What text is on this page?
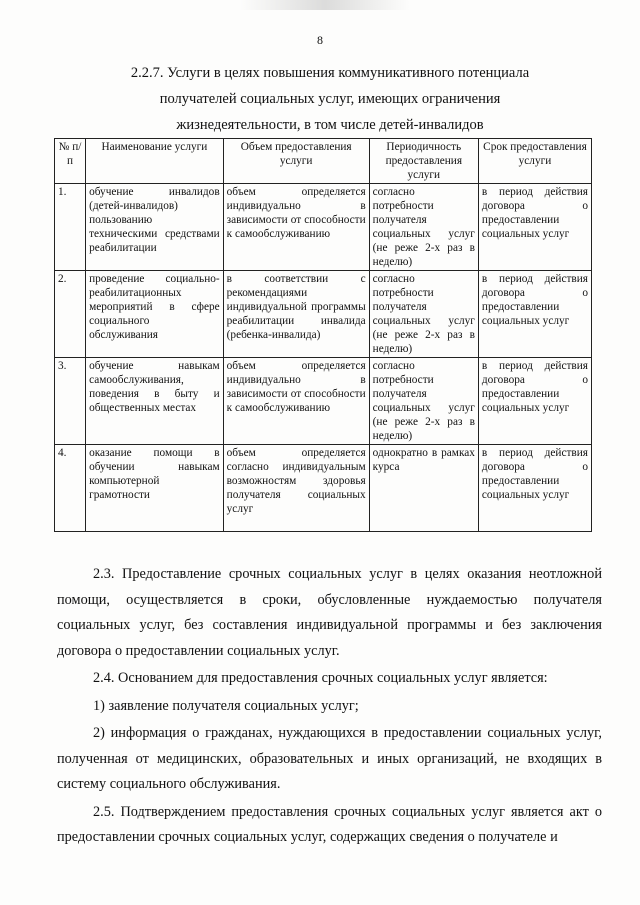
8
2.2.7. Услуги в целях повышения коммуникативного потенциала
получателей социальных услуг, имеющих ограничения
жизнедеятельности, в том числе детей-инвалидов
№ п/п	Наименование услуги	Объем предоставления услуги	Периодичность предоставления услуги	Срок предоставления услуги
1.	обучение инвалидов (детей-инвалидов) пользованию техническими средствами реабилитации	объем определяется индивидуально в зависимости от способности к самообслуживанию	согласно потребности получателя социальных услуг (не реже 2-х раз в неделю)	в период действия договора о предоставлении социальных услуг
2.	проведение социально-реабилитационных мероприятий в сфере социального обслуживания	в соответствии с рекомендациями индивидуальной программы реабилитации инвалида (ребенка-инвалида)	согласно потребности получателя социальных услуг (не реже 2-х раз в неделю)	в период действия договора о предоставлении социальных услуг
3.	обучение навыкам самообслуживания, поведения в быту и общественных местах	объем определяется индивидуально в зависимости от способности к самообслуживанию	согласно потребности получателя социальных услуг (не реже 2-х раз в неделю)	в период действия договора о предоставлении социальных услуг
4.	оказание помощи в обучении навыкам компьютерной грамотности	объем определяется согласно индивидуальным возможностям здоровья получателя социальных услуг	однократно в рамках курса	в период действия договора о предоставлении социальных услуг

2.3. Предоставление срочных социальных услуг в целях оказания неотложной помощи, осуществляется в сроки, обусловленные нуждаемостью получателя социальных услуг, без составления индивидуальной программы и без заключения договора о предоставлении социальных услуг.

2.4. Основанием для предоставления срочных социальных услуг является:

1) заявление получателя социальных услуг;

2) информация о гражданах, нуждающихся в предоставлении социальных услуг, полученная от медицинских, образовательных и иных организаций, не входящих в систему социального обслуживания.

2.5. Подтверждением предоставления срочных социальных услуг является акт о предоставлении срочных социальных услуг, содержащих сведения о получателе и
